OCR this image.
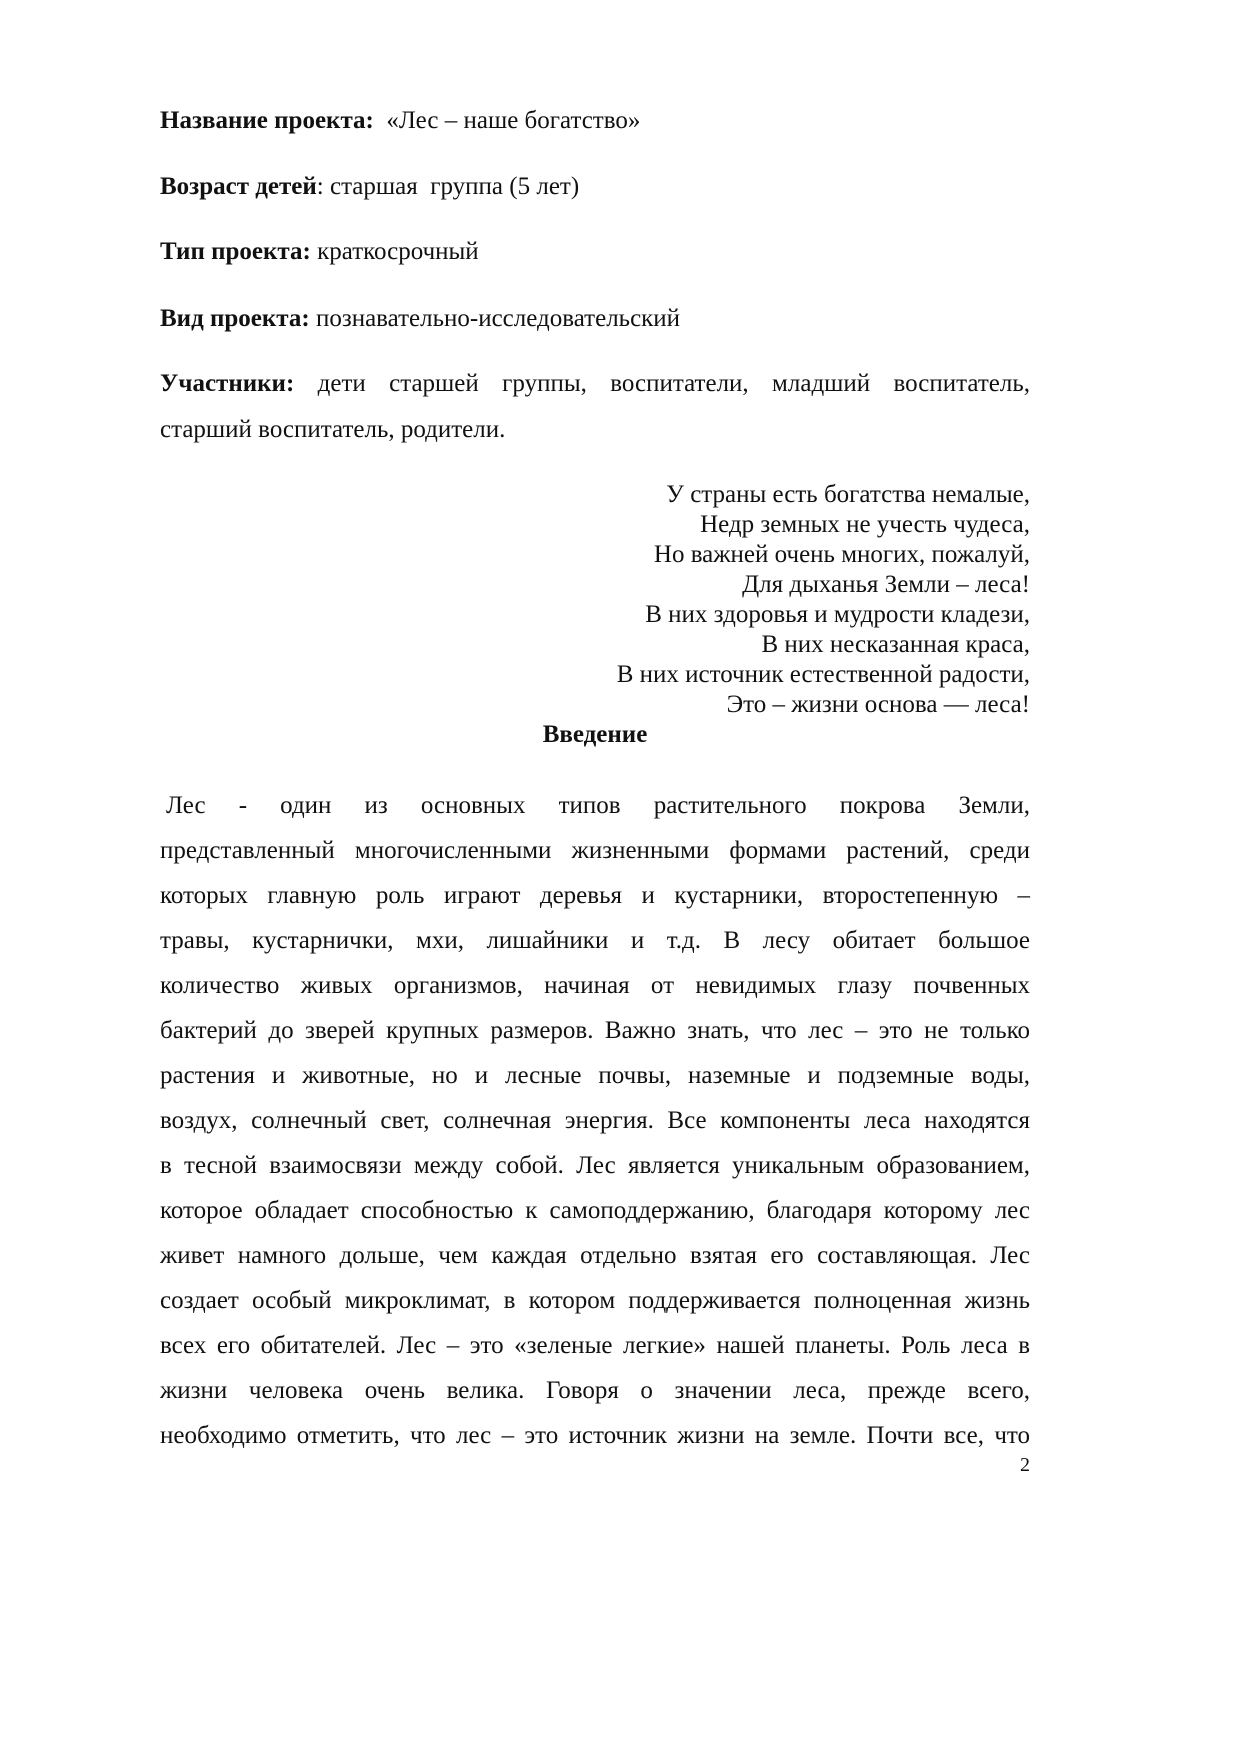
Название проекта:  «Лес – наше богатство»
Возраст детей: старшая  группа (5 лет)
Тип проекта: краткосрочный
Вид проекта: познавательно-исследовательский
Участники: дети старшей группы, воспитатели, младший воспитатель,
старший воспитатель, родители.
У страны есть богатства немалые,
Недр земных не учесть чудеса,
Но важней очень многих, пожалуй,
Для дыханья Земли – леса!
В них здоровья и мудрости кладези,
В них несказанная краса,
В них источник естественной радости,
Это – жизни основа — леса!
Введение
Лес - один из основных типов растительного покрова Земли,
представленный многочисленными жизненными формами растений, среди
которых главную роль играют деревья и кустарники, второстепенную –
травы, кустарнички, мхи, лишайники и т.д. В лесу обитает большое
количество живых организмов, начиная от невидимых глазу почвенных
бактерий до зверей крупных размеров. Важно знать, что лес – это не только
растения и животные, но и лесные почвы, наземные и подземные воды,
воздух, солнечный свет, солнечная энергия. Все компоненты леса находятся
в тесной взаимосвязи между собой. Лес является уникальным образованием,
которое обладает способностью к самоподдержанию, благодаря которому лес
живет намного дольше, чем каждая отдельно взятая его составляющая. Лес
создает особый микроклимат, в котором поддерживается полноценная жизнь
всех его обитателей. Лес – это «зеленые легкие» нашей планеты. Роль леса в
жизни человека очень велика. Говоря о значении леса, прежде всего,
необходимо отметить, что лес – это источник жизни на земле. Почти все, что
2
